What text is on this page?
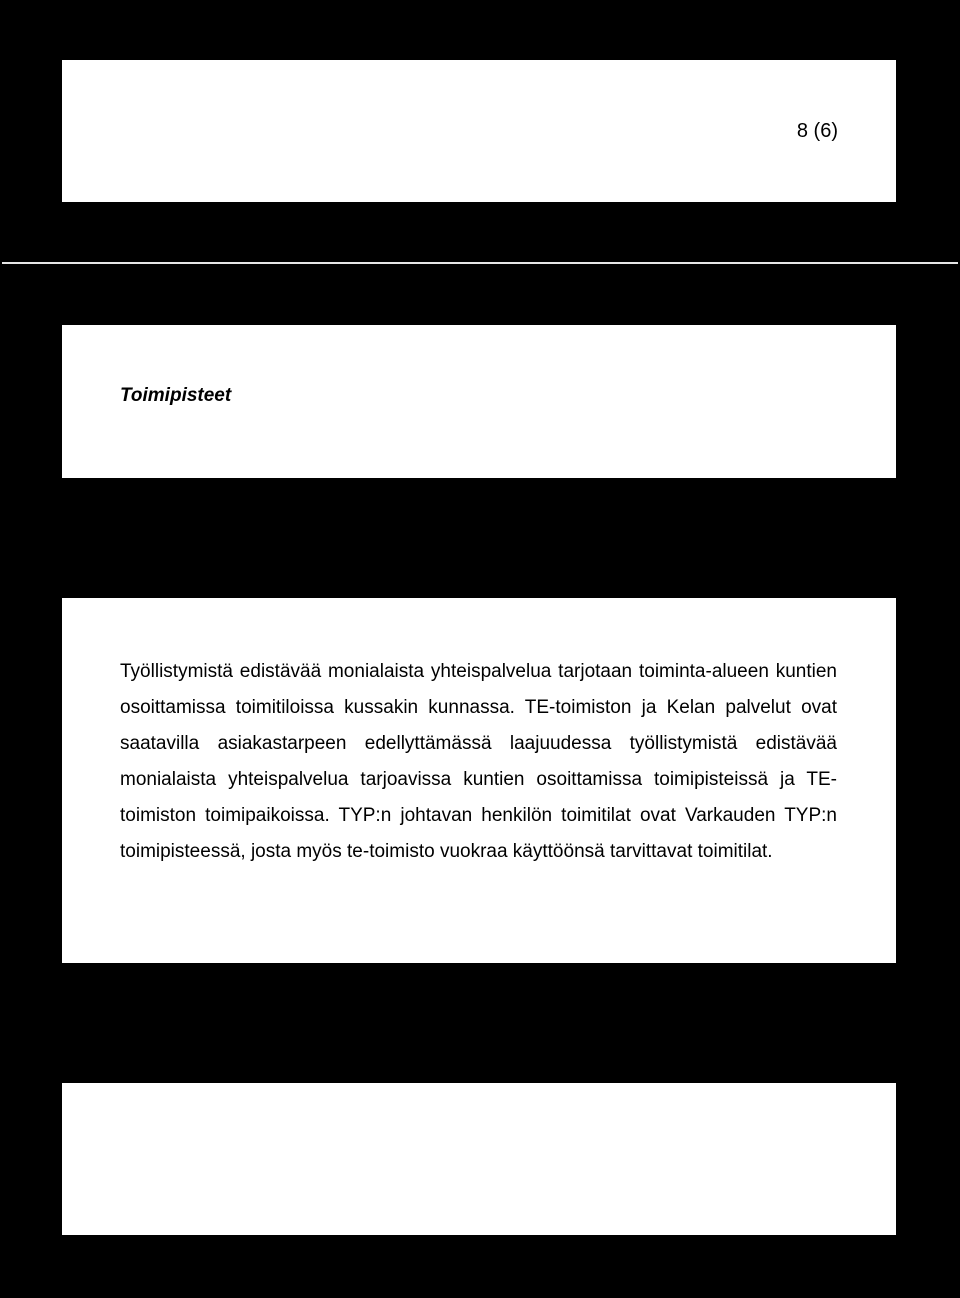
8 (6)
Toimipisteet

Työllistymistä edistävää monialaista yhteispalvelua tarjotaan toiminta-alueen kuntien osoittamissa toimitiloissa kussakin kunnassa. TE-toimiston ja Kelan palvelut ovat saatavilla asiakastarpeen edellyttämässä laajuudessa työllistymistä edistävää monialaista yhteispalvelua tarjoavissa kuntien osoittamissa toimipisteissä ja TE-toimiston toimipaikoissa. TYP:n johtavan henkilön toimitilat ovat Varkauden TYP:n toimipisteessä, josta myös te-toimisto vuokraa käyttöönsä tarvittavat toimitilat.
